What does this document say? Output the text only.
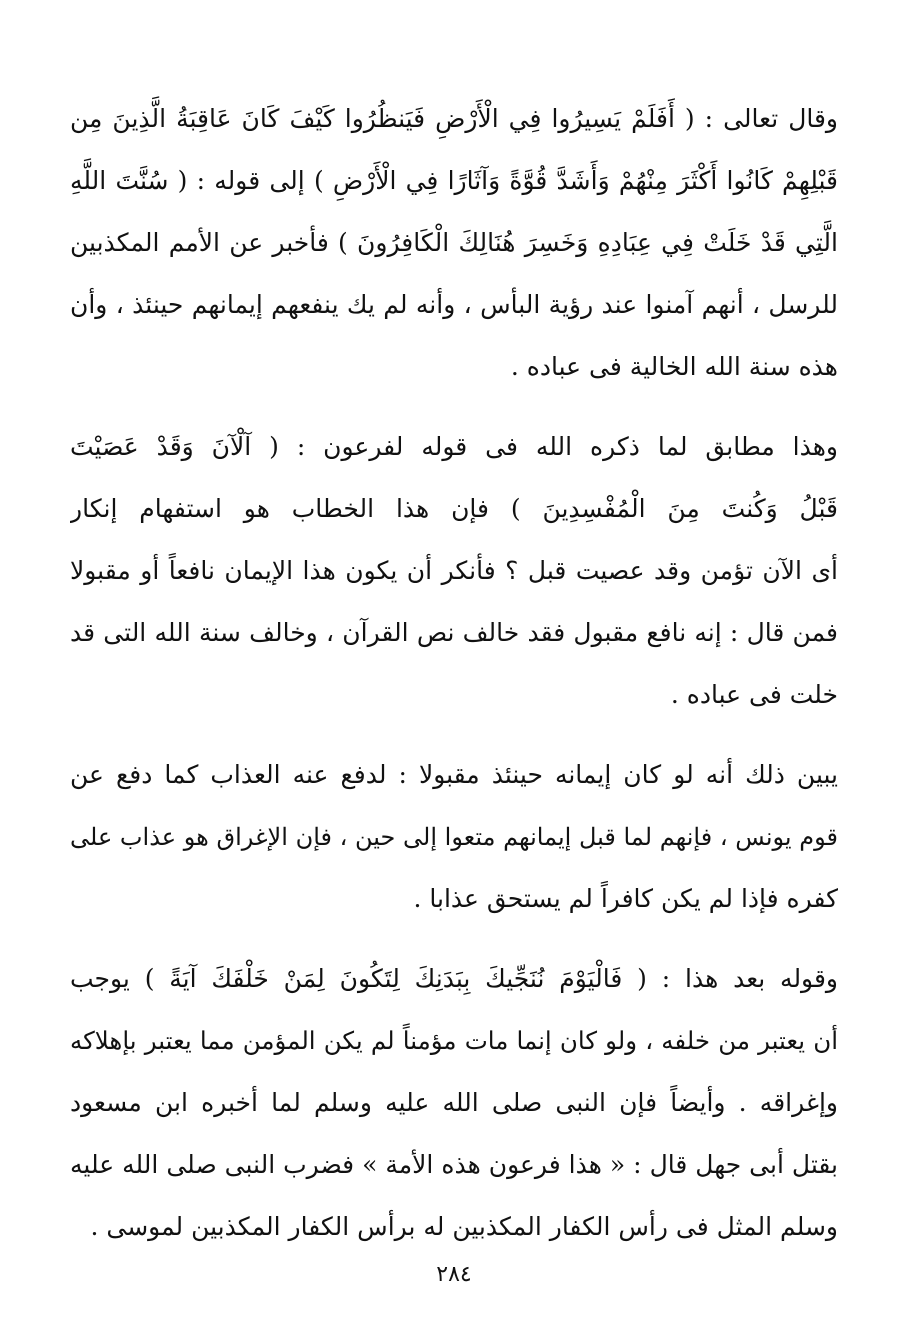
وقال تعالى : ( أَفَلَمْ يَسِيرُوا فِي الْأَرْضِ فَيَنظُرُوا كَيْفَ كَانَ عَاقِبَةُ الَّذِينَ مِن
قَبْلِهِمْ كَانُوا أَكْثَرَ مِنْهُمْ وَأَشَدَّ قُوَّةً وَآثَارًا فِي الْأَرْضِ ) إلى قوله : ( سُنَّتَ اللَّهِ
الَّتِي قَدْ خَلَتْ فِي عِبَادِهِ وَخَسِرَ هُنَالِكَ الْكَافِرُونَ ) فأخبر عن الأمم المكذبين
للرسل ، أنهم آمنوا عند رؤية البأس ، وأنه لم يك ينفعهم إيمانهم حينئذ ، وأن
هذه سنة الله الخالية فى عباده .
وهذا مطابق لما ذكره الله فى قوله لفرعون : ( آلْآنَ وَقَدْ عَصَيْتَ
قَبْلُ وَكُنتَ مِنَ الْمُفْسِدِينَ ) فإن هذا الخطاب هو استفهام إنكار
أى الآن تؤمن وقد عصيت قبل ؟ فأنكر أن يكون هذا الإيمان نافعاً أو مقبولا
فمن قال : إنه نافع مقبول فقد خالف نص القرآن ، وخالف سنة الله التى قد
خلت فى عباده .
يبين ذلك أنه لو كان إيمانه حينئذ مقبولا : لدفع عنه العذاب كما دفع عن
قوم يونس ، فإنهم لما قبل إيمانهم متعوا إلى حين ، فإن الإغراق هو عذاب على
كفره فإذا لم يكن كافراً لم يستحق عذابا .
وقوله بعد هذا : ( فَالْيَوْمَ نُنَجِّيكَ بِبَدَنِكَ لِتَكُونَ لِمَنْ خَلْفَكَ آيَةً ) يوجب
أن يعتبر من خلفه ، ولو كان إنما مات مؤمناً لم يكن المؤمن مما يعتبر بإهلاكه
وإغراقه . وأيضاً فإن النبى صلى الله عليه وسلم لما أخبره ابن مسعود
بقتل أبى جهل قال : « هذا فرعون هذه الأمة » فضرب النبى صلى الله عليه
وسلم المثل فى رأس الكفار المكذبين له برأس الكفار المكذبين لموسى .
٢٨٤
